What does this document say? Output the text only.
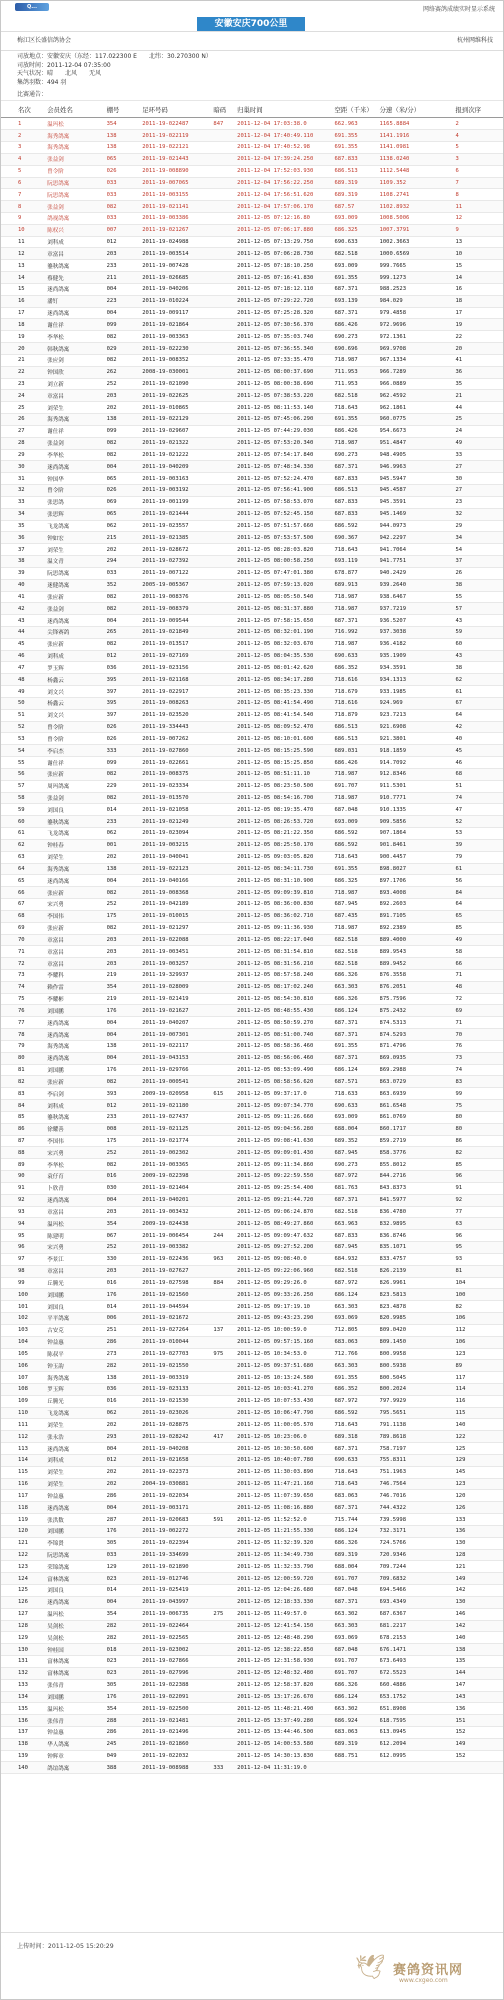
Q...	网络赛鸽成绩实时显示系统
安徽安庆700公里
梅江区长盛信鸽协会	杭州网维科技
司放地点：安徽安庆（东经：117.022300 E　　北纬：30.270300 N）
司放时间：2011-12-04 07:35:00
天气状况：晴　　北风　　无风
集鸽羽数：494 羽
比赛通告：
名次	会员姓名	棚号	足环号码	暗码	归巢时间	空距（千米）	分速（米/分）	报到次序
1	温玛松	354	2011-19-022487	847	2011-12-04 17:03:38.0	662.963	1165.8884	2
2	海秀鸽寓	138	2011-19-022119		2011-12-04 17:40:49.110	691.355	1141.1916	4
3	海秀鸽寓	138	2011-19-022121		2011-12-04 17:40:52.98	691.355	1141.0981	5
4	张益剑	065	2011-19-021443		2011-12-04 17:39:24.250	687.833	1138.0240	3
5	曾令阶	026	2011-19-008890		2011-12-04 17:52:03.930	686.513	1112.5448	6
6	阮思鸽寓	033	2011-19-007065		2011-12-04 17:56:22.250	689.319	1109.352	7
7	阮思鸽寓	033	2011-19-003155		2011-12-04 17:56:51.620	689.319	1108.2741	8
8	张益剑	082	2011-19-021141		2011-12-04 17:57:06.170	687.57	1102.8932	11
9	鸽视鸽寓	033	2011-19-003386		2011-12-05 07:12:16.80	693.009	1008.5006	12
10	陈权兴	007	2011-19-021267		2011-12-05 07:06:17.880	686.325	1007.3791	9
11	刘科成	012	2011-19-024988		2011-12-05 07:13:29.750	690.633	1002.3663	13
12	章富昌	203	2011-19-003514		2011-12-05 07:06:28.730	682.518	1000.6569	10
13	鎏秋鸽寓	233	2011-19-007428		2011-12-05 07:18:10.250	693.009	999.7665	15
14	蔡健先	211	2011-19-026685		2011-12-05 07:16:41.830	691.355	999.1273	14
15	迷尚鸽寓	004	2011-19-040206		2011-12-05 07:18:12.110	687.371	988.2523	16
16	潘钉	223	2011-19-010224		2011-12-05 07:29:22.720	693.139	984.029	18
17	迷尚鸽寓	004	2011-19-009117		2011-12-05 07:25:28.320	687.371	979.4858	17
18	谢仕祥	099	2011-19-021864		2011-12-05 07:30:56.370	686.426	972.9696	19
19	李华松	082	2011-19-003363		2011-12-05 07:35:03.740	690.273	972.1361	22
20	韩秋鸽寓	029	2011-19-022230		2011-12-05 07:36:55.340	690.696	969.9708	20
21	张应剑	082	2011-19-008352		2011-12-05 07:33:35.470	718.987	967.1334	41
22	钟国欣	262	2008-19-030001		2011-12-05 08:00:37.690	711.953	966.7289	36
23	刘立新	252	2011-19-021090		2011-12-05 08:00:38.690	711.953	966.0889	35
24	章富昌	203	2011-19-022625		2011-12-05 07:38:53.220	682.518	962.4592	21
25	刘荣生	202	2011-19-010865		2011-12-05 08:11:53.140	718.643	962.1861	44
26	海秀鸽寓	138	2011-19-022129		2011-12-05 07:45:06.290	691.355	960.0775	25
27	谢仕祥	099	2011-19-029607		2011-12-05 07:44:29.030	686.426	954.6673	24
28	张益剑	082	2011-19-021322		2011-12-05 07:53:20.340	718.987	951.4847	49
29	李华松	082	2011-19-021222		2011-12-05 07:54:17.840	690.273	948.4905	33
30	迷尚鸽寓	004	2011-19-040209		2011-12-05 07:48:34.330	687.371	946.9963	27
31	钟国华	065	2011-19-003163		2011-12-05 07:52:24.470	687.833	945.5947	30
32	曾令阶	026	2011-19-003192		2011-12-05 07:56:41.900	686.513	945.4587	27
33	张思鸽	069	2011-19-001199		2011-12-05 07:58:53.070	687.833	945.3591	23
34	张思辉	065	2011-19-021444		2011-12-05 07:52:45.150	687.833	945.1469	32
35	飞龙鸽寓	062	2011-19-023557		2011-12-05 07:51:57.660	686.592	944.0973	29
36	钟如宏	215	2011-19-021385		2011-12-05 07:53:57.500	690.367	942.2297	34
37	刘荣生	202	2011-19-028672		2011-12-05 08:28:03.820	718.643	941.7064	54
38	温文青	294	2011-19-027392		2011-12-05 08:00:58.250	693.119	941.7751	37
39	阮思鸽寓	033	2011-19-007122		2011-12-05 07:47:01.380	678.877	940.2429	26
40	迷健鸽寓	352	2005-19-005367		2011-12-05 07:59:13.020	689.913	939.2640	38
41	张应新	082	2011-19-008376		2011-12-05 08:05:50.540	718.987	938.6467	55
42	张益剑	082	2011-19-008379		2011-12-05 08:31:37.880	718.987	937.7219	57
43	迷尚鸽寓	004	2011-19-009544		2011-12-05 07:58:15.650	687.371	936.5207	43
44	尖锋赛鸽	265	2011-19-021849		2011-12-05 08:32:01.190	716.992	937.3038	59
45	张应新	082	2011-19-013517		2011-12-05 08:32:03.670	718.987	936.4182	60
46	刘科成	012	2011-19-027169		2011-12-05 08:04:35.530	690.633	935.1909	43
47	罗玉辉	036	2011-19-023156		2011-12-05 08:01:42.620	686.352	934.3591	38
48	杨鑫云	395	2011-19-021168		2011-12-05 08:34:17.280	718.616	934.1313	62
49	刘文兴	397	2011-19-022917		2011-12-05 08:35:23.330	718.679	933.1985	61
50	杨鑫云	395	2011-19-008263		2011-12-05 08:41:54.490	718.616	924.969	67
51	刘文兴	397	2011-19-023520		2011-12-05 08:41:54.540	718.879	923.7213	64
52	曾令阶	026	2011-19-334443		2011-12-05 08:09:52.470	686.513	921.6908	42
53	曾令阶	026	2011-19-007262		2011-12-05 08:10:01.600	686.513	921.3801	40
54	李启杰	333	2011-19-027860		2011-12-05 08:15:25.590	689.031	918.1859	45
55	谢仕祥	099	2011-19-022661		2011-12-05 08:15:25.850	686.426	914.7092	46
56	张应新	082	2011-19-008375		2011-12-05 08:51:11.10	718.987	912.8346	68
57	周玛鸽寓	229	2011-19-023334		2011-12-05 08:23:50.500	691.707	911.5301	51
58	张益剑	082	2011-19-013570		2011-12-05 08:54:16.700	718.987	910.7771	74
59	刘国良	014	2011-19-021058		2011-12-05 08:19:35.470	687.048	910.1335	47
60	鎏秋鸽寓	233	2011-19-021249		2011-12-05 08:26:53.720	693.009	909.5856	52
61	飞龙鸽寓	062	2011-19-023094		2011-12-05 08:21:22.350	686.592	907.1864	53
62	钟桂春	001	2011-19-003215		2011-12-05 08:25:50.170	686.592	901.8461	39
63	刘荣生	202	2011-19-040041		2011-12-05 09:03:05.820	718.643	900.4457	79
64	海秀鸽寓	138	2011-19-022123		2011-12-05 08:34:11.730	691.355	898.8027	61
65	迷尚鸽寓	004	2011-19-040166		2011-12-05 08:31:10.900	686.325	897.1706	56
66	张应新	082	2011-19-008368		2011-12-05 09:09:39.810	718.987	893.4008	84
67	宋兴勇	252	2011-19-042189		2011-12-05 08:36:00.830	687.945	892.2603	64
68	李国伟	175	2011-19-010015		2011-12-05 08:36:02.710	687.435	891.7105	65
69	张应新	082	2011-19-021297		2011-12-05 09:11:36.930	718.987	892.2389	85
70	章富昌	203	2011-19-022088		2011-12-05 08:22:17.040	682.518	889.4000	49
71	章富昌	203	2011-19-003451		2011-12-05 08:31:54.810	682.518	889.9543	58
72	章富昌	203	2011-19-003257		2011-12-05 08:31:56.210	682.518	889.9452	66
73	李耀科	219	2011-19-329937		2011-12-05 08:57:58.240	686.326	876.3558	71
74	赖作雷	354	2011-19-028009		2011-12-05 08:17:02.240	663.303	876.2051	48
75	李耀彬	219	2011-19-021419		2011-12-05 08:54:30.810	686.326	875.7596	72
76	刘国鹏	176	2011-19-021627		2011-12-05 08:48:55.430	686.124	875.2432	69
77	迷尚鸽寓	004	2011-19-040207		2011-12-05 08:50:59.270	687.371	874.5313	71
78	迷尚鸽寓	004	2011-19-007301		2011-12-05 08:51:00.740	687.371	874.5293	70
79	海秀鸽寓	138	2011-19-022117		2011-12-05 08:58:36.460	691.355	871.4796	76
80	迷尚鸽寓	004	2011-19-043153		2011-12-05 08:56:06.460	687.371	869.0935	73
81	刘国鹏	176	2011-19-029766		2011-12-05 08:53:09.490	686.124	869.2988	74
82	张应新	082	2011-19-000541		2011-12-05 08:58:56.620	687.571	863.0729	83
83	李启剑	393	2009-19-020958	615	2011-12-05 09:37:17.0	718.633	863.6939	99
84	刘科成	012	2011-19-021180		2011-12-05 09:07:34.770	690.633	861.6548	75
85	鎏秋鸽寓	233	2011-19-027437		2011-12-05 09:11:26.660	693.009	861.0769	80
86	徐耀善	008	2011-19-021125		2011-12-05 09:04:56.280	688.004	860.1717	80
87	李国伟	175	2011-19-021774		2011-12-05 09:08:41.630	689.352	859.2719	86
88	宋兴勇	252	2011-19-002302		2011-12-05 09:09:01.430	687.945	858.3776	82
89	李华松	082	2011-19-003365		2011-12-05 09:11:34.860	690.273	855.8012	85
90	袁仔育	016	2009-19-022398		2011-12-05 09:22:59.550	687.972	844.2716	96
91	卜欣青	030	2011-19-021404		2011-12-05 09:25:54.400	681.763	843.8373	91
92	迷尚鸽寓	004	2011-19-040201		2011-12-05 09:21:44.720	687.371	841.5977	92
93	章富昌	203	2011-19-003432		2011-12-05 09:06:24.870	682.518	836.4780	77
94	温玛松	354	2009-19-024438		2011-12-05 08:49:27.860	663.963	832.9895	63
95	陈建明	067	2011-19-006454	244	2011-12-05 09:09:47.632	687.833	836.8746	96
96	宋兴勇	252	2011-19-003382		2011-12-05 09:27:52.200	687.945	835.1071	95
97	李景江	330	2011-19-022436	963	2011-12-05 09:08:40.0	684.932	833.4757	93
98	章富昌	203	2011-19-027627		2011-12-05 09:22:06.960	682.518	826.2139	81
99	丘腾光	016	2011-19-027598	884	2011-12-05 09:29:26.0	687.972	826.9961	104
100	刘国鹏	176	2011-19-021560		2011-12-05 09:33:26.250	686.124	823.5813	100
101	刘国良	014	2011-19-044594		2011-12-05 09:17:19.10	663.303	823.4878	82
102	平平鸽寓	006	2011-19-021672		2011-12-05 09:43:23.290	693.069	820.9985	106
103	古安克	251	2011-19-027264	137	2011-12-05 10:00:59.0	712.805	809.0420	112
104	钟益惠	286	2011-19-010044		2011-12-05 09:57:15.160	683.063	809.1450	106
105	陈叔平	273	2011-19-027703	975	2011-12-05 10:34:53.0	712.766	800.9958	123
106	钟玉韵	282	2011-19-021550		2011-12-05 09:37:51.680	663.303	800.5938	89
107	海秀鸽寓	138	2011-19-003319		2011-12-05 10:13:24.580	691.355	800.5045	117
108	罗玉辉	036	2011-19-023133		2011-12-05 10:03:41.270	686.352	800.2024	114
109	丘腾光	016	2011-19-021530		2011-12-05 10:07:53.430	687.972	797.9929	116
110	飞龙鸽寓	062	2011-19-023026		2011-12-05 10:06:47.790	686.592	795.5651	115
111	刘荣生	202	2011-19-028875		2011-12-05 11:00:05.570	718.643	791.1138	140
112	张永浩	293	2011-19-028242	417	2011-12-05 10:23:06.0	689.318	789.8618	122
113	迷尚鸽寓	004	2011-19-040208		2011-12-05 10:30:50.600	687.371	758.7197	125
114	刘科成	012	2011-19-021658		2011-12-05 10:40:07.780	690.633	755.8311	129
115	刘荣生	202	2011-19-022373		2011-12-05 11:30:03.890	718.643	751.1963	145
116	刘荣生	202	2004-19-030881		2011-12-05 11:47:21.160	718.643	746.7564	123
117	钟益惠	286	2011-19-022034		2011-12-05 11:07:39.650	683.063	746.7016	120
118	迷尚鸽寓	004	2011-19-003171		2011-12-05 11:08:16.880	687.371	744.4322	126
119	张洪数	287	2011-19-020683	591	2011-12-05 11:52:52.0	715.744	739.5998	133
120	刘国鹏	176	2011-19-002272		2011-12-05 11:21:55.330	686.124	732.3171	136
121	李锦贤	305	2011-19-022394		2011-12-05 11:32:39.320	686.326	724.5766	130
122	阮思鸽寓	033	2011-19-334699		2011-12-05 11:34:49.730	689.319	720.9346	128
123	荣锦鸽寓	129	2011-19-021890		2011-12-05 11:32:33.790	688.004	709.7244	121
124	富林鸽寓	023	2011-19-012746		2011-12-05 12:00:59.720	691.707	709.6832	149
125	刘国良	014	2011-19-025419		2011-12-05 12:04:26.680	687.048	694.5466	142
126	迷尚鸽寓	004	2011-19-043997		2011-12-05 12:18:33.330	687.371	693.4349	130
127	温玛松	354	2011-19-006735	275	2011-12-05 11:49:57.0	663.302	687.6367	146
128	吴剑松	282	2011-19-022464		2011-12-05 12:41:54.150	663.303	681.2217	142
129	吴剑松	282	2011-19-022565		2011-12-05 12:48:48.290	693.069	678.2153	140
130	钟桂国	018	2011-19-023002		2011-12-05 12:38:22.850	687.048	676.1471	138
131	富林鸽寓	023	2011-19-027866		2011-12-05 12:31:58.930	691.707	673.6493	135
132	富林鸽寓	023	2011-19-027996		2011-12-05 12:48:32.480	691.707	672.5523	144
133	张伟青	305	2011-19-022388		2011-12-05 12:58:37.820	686.326	660.4886	147
134	刘国鹏	176	2011-19-022091		2011-12-05 13:17:26.670	686.124	653.1752	143
135	温玛松	354	2011-19-022500		2011-12-05 11:48:21.490	663.302	651.8908	136
136	张伟青	288	2011-19-021481		2011-12-05 13:37:49.280	686.924	618.7595	151
137	钟益惠	286	2011-19-021496		2011-12-05 13:44:46.500	683.063	613.0945	152
138	华人鸽寓	245	2011-19-021860		2011-12-05 14:00:53.580	689.319	612.2094	149
139	钟辉章	049	2011-19-022032		2011-12-05 14:30:13.830	688.751	612.0995	152
140	鸽谊鸽寓	388	2011-19-008988	333	2011-12-04 11:31:19.0			
上传时间：2011-12-05 15:20:29
🕊 赛鸽资讯网
www.cxgeo.com
